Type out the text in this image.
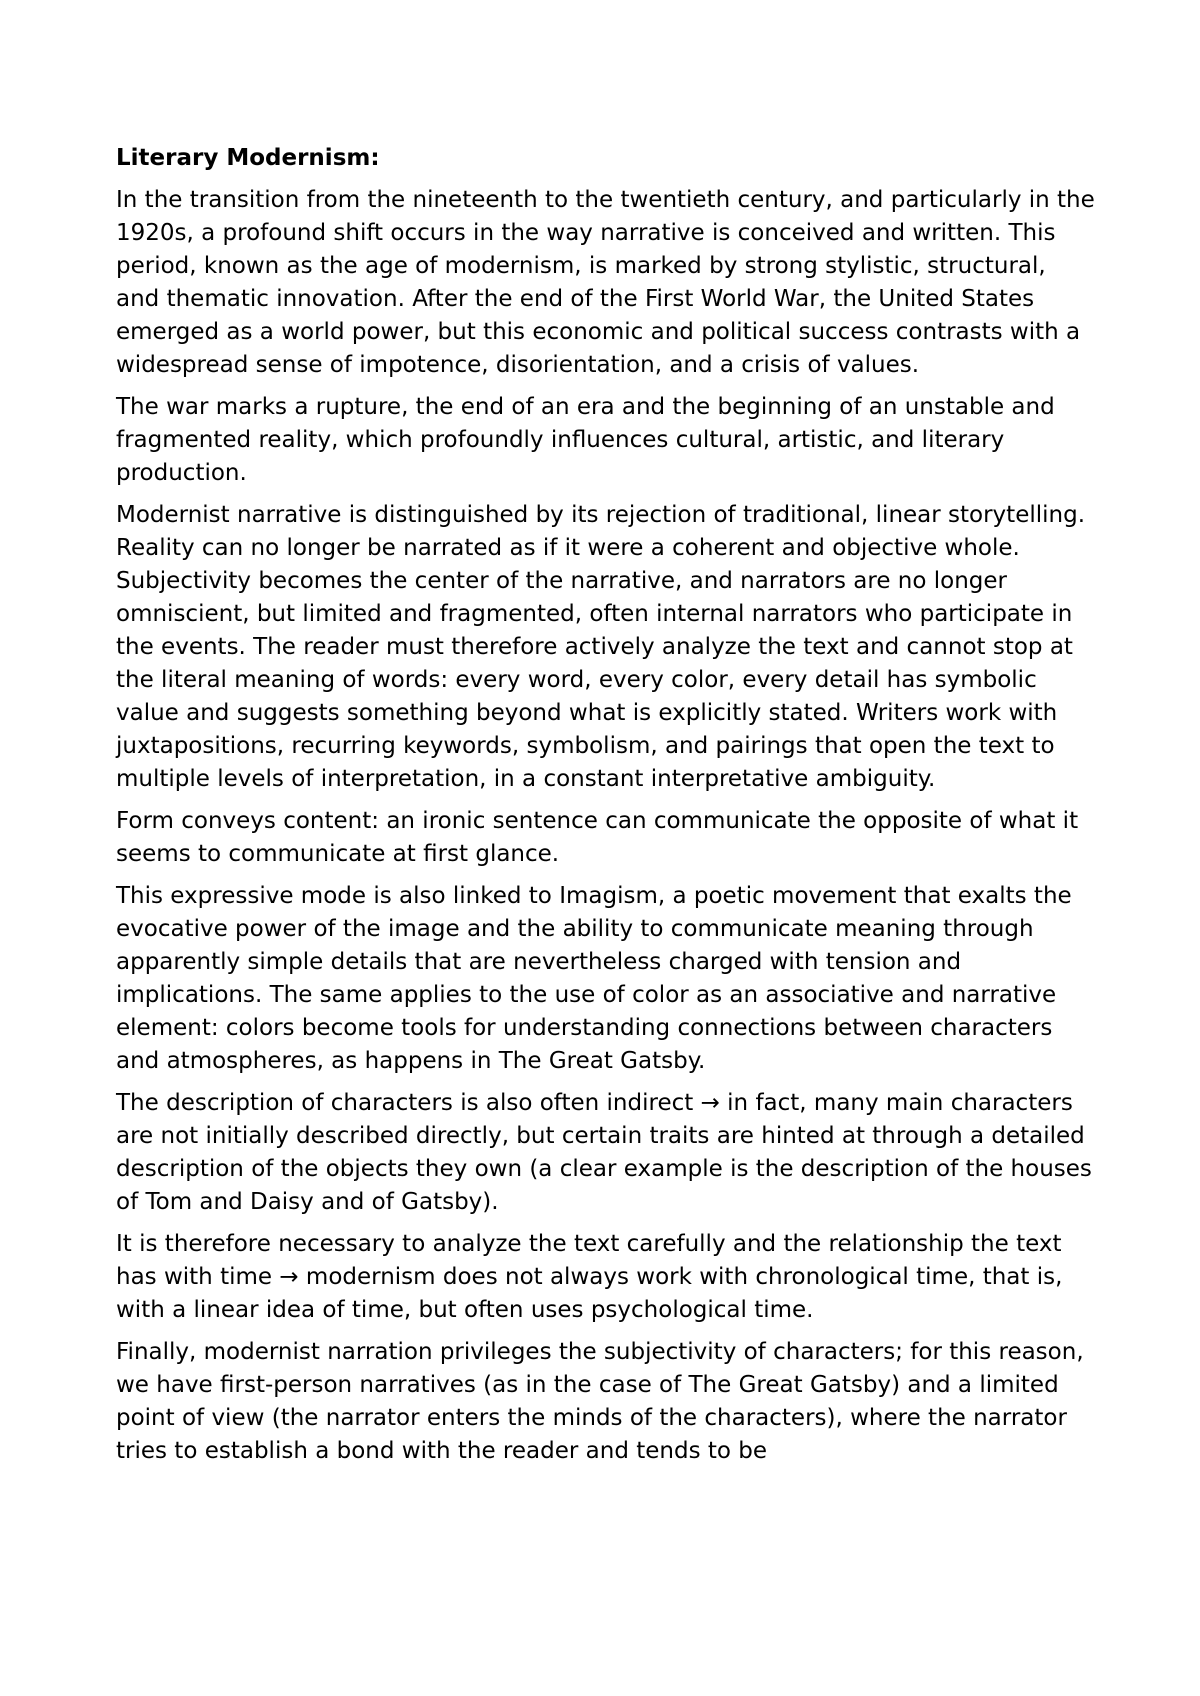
Literary Modernism:

In the transition from the nineteenth to the twentieth century, and particularly in the 1920s, a profound shift occurs in the way narrative is conceived and written. This period, known as the age of modernism, is marked by strong stylistic, structural, and thematic innovation. After the end of the First World War, the United States emerged as a world power, but this economic and political success contrasts with a widespread sense of impotence, disorientation, and a crisis of values.

The war marks a rupture, the end of an era and the beginning of an unstable and fragmented reality, which profoundly influences cultural, artistic, and literary production.

Modernist narrative is distinguished by its rejection of traditional, linear storytelling. Reality can no longer be narrated as if it were a coherent and objective whole. Subjectivity becomes the center of the narrative, and narrators are no longer omniscient, but limited and fragmented, often internal narrators who participate in the events. The reader must therefore actively analyze the text and cannot stop at the literal meaning of words: every word, every color, every detail has symbolic value and suggests something beyond what is explicitly stated. Writers work with juxtapositions, recurring keywords, symbolism, and pairings that open the text to multiple levels of interpretation, in a constant interpretative ambiguity.

Form conveys content: an ironic sentence can communicate the opposite of what it seems to communicate at first glance.

This expressive mode is also linked to Imagism, a poetic movement that exalts the evocative power of the image and the ability to communicate meaning through apparently simple details that are nevertheless charged with tension and implications. The same applies to the use of color as an associative and narrative element: colors become tools for understanding connections between characters and atmospheres, as happens in The Great Gatsby.

The description of characters is also often indirect → in fact, many main characters are not initially described directly, but certain traits are hinted at through a detailed description of the objects they own (a clear example is the description of the houses of Tom and Daisy and of Gatsby).

It is therefore necessary to analyze the text carefully and the relationship the text has with time → modernism does not always work with chronological time, that is, with a linear idea of time, but often uses psychological time.

Finally, modernist narration privileges the subjectivity of characters; for this reason, we have first-person narratives (as in the case of The Great Gatsby) and a limited point of view (the narrator enters the minds of the characters), where the narrator tries to establish a bond with the reader and tends to be
